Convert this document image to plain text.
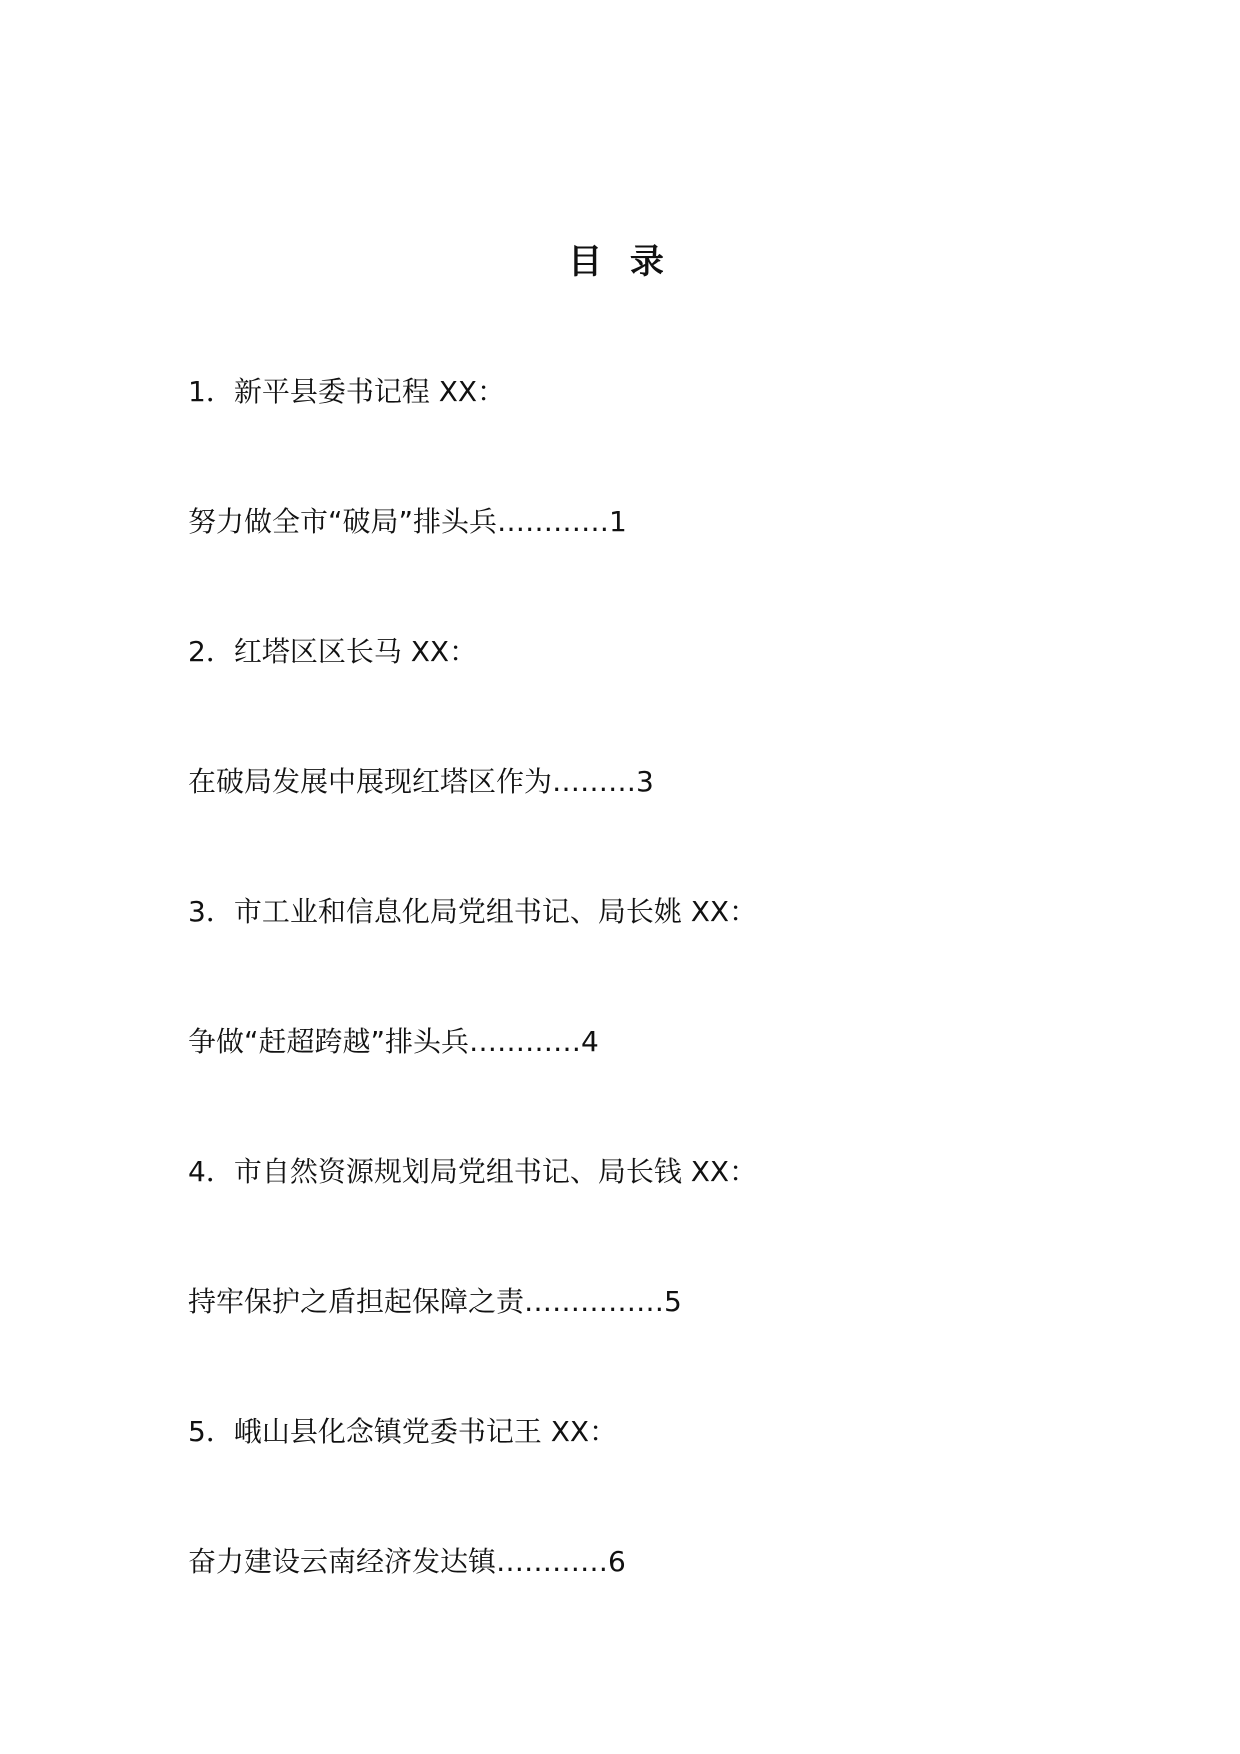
目 录
1．新平县委书记程 XX：
努力做全市“破局”排头兵…………1
2．红塔区区长马 XX：
在破局发展中展现红塔区作为………3
3．市工业和信息化局党组书记、局长姚 XX：
争做“赶超跨越”排头兵…………4
4．市自然资源规划局党组书记、局长钱 XX：
持牢保护之盾担起保障之责……………5
5．峨山县化念镇党委书记王 XX：
奋力建设云南经济发达镇…………6
